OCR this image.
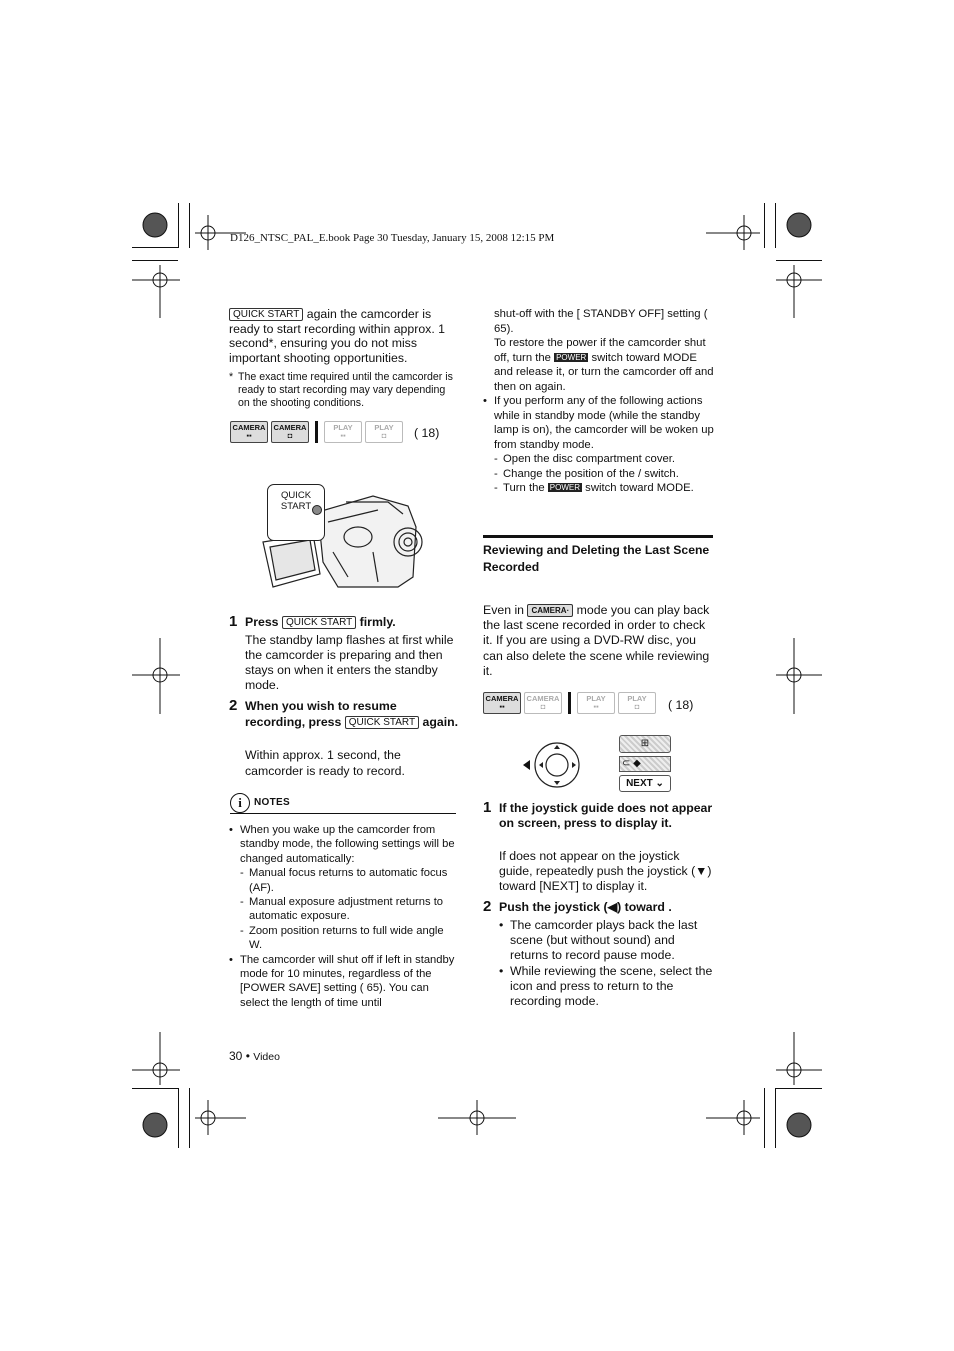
D126_NTSC_PAL_E.book Page 30 Tuesday, January 15, 2008 12:15 PM
QUICK START again the camcorder is ready to start recording within approx. 1 second*, ensuring you do not miss important shooting opportunities.
* The exact time required until the camcorder is ready to start recording may vary depending on the shooting conditions.
CAMERA
▪▪
CAMERA
◘
PLAY
▪▪
PLAY
◘ ( 18)
QUICK
START
1 Press QUICK START firmly.
The standby lamp flashes at first while the camcorder is preparing and then stays on when it enters the standby mode.
2 When you wish to resume recording, press QUICK START again.
Within approx. 1 second, the camcorder is ready to record.
i	NOTES
• When you wake up the camcorder from standby mode, the following settings will be changed automatically:
- Manual focus returns to automatic focus (AF).
- Manual exposure adjustment returns to automatic exposure.
- Zoom position returns to full wide angle W.
• The camcorder will shut off if left in standby mode for 10 minutes, regardless of the [POWER SAVE] setting ( 65). You can select the length of time until
shut-off with the [ STANDBY OFF] setting ( 65).
To restore the power if the camcorder shut off, turn the POWER switch toward MODE and release it, or turn the camcorder off and then on again.
• If you perform any of the following actions while in standby mode (while the standby lamp is on), the camcorder will be woken up from standby mode.
- Open the disc compartment cover.
- Change the position of the / switch.
- Turn the POWER switch toward MODE.
Reviewing and Deleting the Last Scene Recorded
Even in CAMERA· mode you can play back the last scene recorded in order to check it. If you are using a DVD-RW disc, you can also delete the scene while reviewing it.
CAMERA
▪▪
CAMERA
◘
PLAY
▪▪
PLAY
◘ ( 18)
⊞
⊂ ◆
NEXT ⌄
1 If the joystick guide does not appear on screen, press to display it.
If does not appear on the joystick guide, repeatedly push the joystick (▼) toward [NEXT] to display it.
2 Push the joystick (◀) toward .
• The camcorder plays back the last scene (but without sound) and returns to record pause mode.
• While reviewing the scene, select the icon and press to return to the recording mode.
30 • Video
